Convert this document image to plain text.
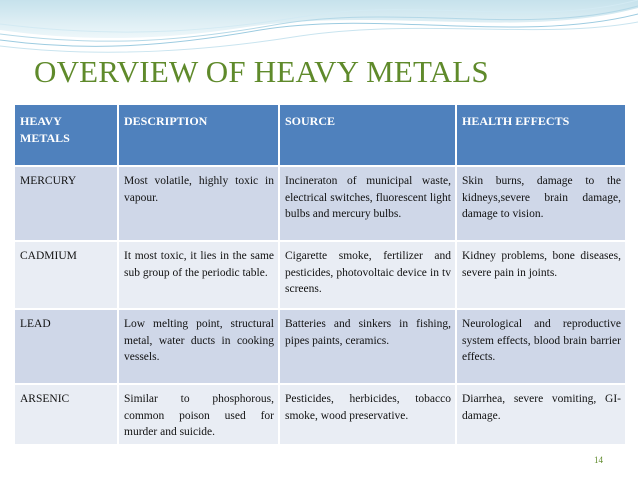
OVERVIEW OF HEAVY METALS
HEAVY METALS	DESCRIPTION	SOURCE	HEALTH EFFECTS
MERCURY	Most volatile, highly toxic in vapour.	Incineraton of municipal waste, electrical switches, fluorescent light bulbs and mercury bulbs.	Skin burns, damage to the kidneys,severe brain damage, damage to vision.
CADMIUM	It most toxic, it lies in the same sub group of the periodic table.	Cigarette smoke, fertilizer and pesticides, photovoltaic device in tv screens.	Kidney problems, bone diseases, severe pain in joints.
LEAD	Low melting point, structural metal, water ducts in cooking vessels.	Batteries and sinkers in fishing, pipes paints, ceramics.	Neurological and reproductive system effects, blood brain barrier effects.
ARSENIC	Similar to phosphorous, common poison used for murder and suicide.	Pesticides, herbicides, tobacco smoke, wood preservative.	Diarrhea, severe vomiting, GI-damage.
14
